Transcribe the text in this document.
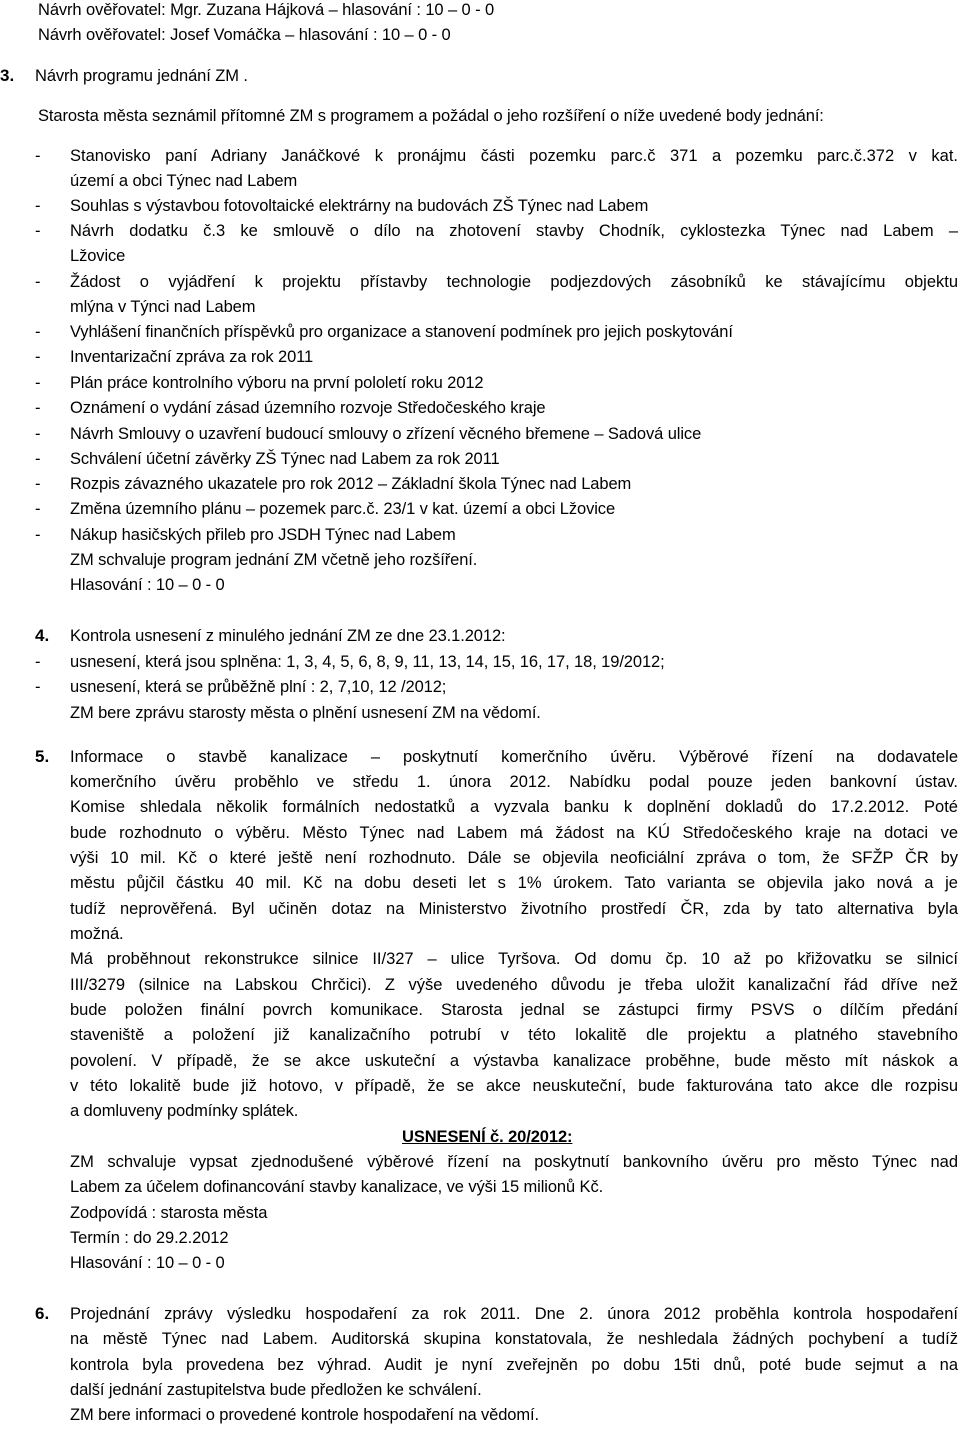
Návrh ověřovatel: Mgr. Zuzana Hájková – hlasování : 10 – 0 - 0
Návrh ověřovatel: Josef Vomáčka – hlasování : 10 – 0 - 0
3. Návrh programu jednání ZM .
Starosta města seznámil přítomné ZM s programem a požádal o jeho rozšíření o níže uvedené body jednání:
- Stanovisko paní Adriany Janáčkové k pronájmu části pozemku parc.č 371 a pozemku parc.č.372 v kat.
území a obci Týnec nad Labem
- Souhlas s výstavbou fotovoltaické elektrárny na budovách ZŠ Týnec nad Labem
- Návrh dodatku č.3 ke smlouvě o dílo na zhotovení stavby Chodník, cyklostezka Týnec nad Labem –
Lžovice
- Žádost o vyjádření k projektu přístavby technologie podjezdových zásobníků ke stávajícímu objektu
mlýna v Týnci nad Labem
- Vyhlášení finančních příspěvků pro organizace a stanovení podmínek pro jejich poskytování
- Inventarizační zpráva za rok 2011
- Plán práce kontrolního výboru na první pololetí roku 2012
- Oznámení o vydání zásad územního rozvoje Středočeského kraje
- Návrh Smlouvy o uzavření budoucí smlouvy o zřízení věcného břemene – Sadová ulice
- Schválení účetní závěrky ZŠ Týnec nad Labem za rok 2011
- Rozpis závazného ukazatele pro rok 2012 – Základní škola Týnec nad Labem
- Změna územního plánu – pozemek parc.č. 23/1 v kat. území a obci Lžovice
- Nákup hasičských přileb pro JSDH Týnec nad Labem
ZM schvaluje program jednání ZM včetně jeho rozšíření.
Hlasování : 10 – 0 - 0
4. Kontrola usnesení z minulého jednání ZM ze dne 23.1.2012:
- usnesení, která jsou splněna: 1, 3, 4, 5, 6, 8, 9, 11, 13, 14, 15, 16, 17, 18, 19/2012;
- usnesení, která se průběžně plní : 2, 7,10, 12 /2012;
ZM bere zprávu starosty města o plnění usnesení ZM na vědomí.
5. Informace o stavbě kanalizace – poskytnutí komerčního úvěru. Výběrové řízení na dodavatele
komerčního úvěru proběhlo ve středu 1. února 2012. Nabídku podal pouze jeden bankovní ústav.
Komise shledala několik formálních nedostatků a vyzvala banku k doplnění dokladů do 17.2.2012. Poté
bude rozhodnuto o výběru. Město Týnec nad Labem má žádost na KÚ Středočeského kraje na dotaci ve
výši 10 mil. Kč o které ještě není rozhodnuto. Dále se objevila neoficiální zpráva o tom, že SFŽP ČR by
městu půjčil částku 40 mil. Kč na dobu deseti let s 1% úrokem. Tato varianta se objevila jako nová a je
tudíž neprověřená. Byl učiněn dotaz na Ministerstvo životního prostředí ČR, zda by tato alternativa byla
možná.
Má proběhnout rekonstrukce silnice II/327 – ulice Tyršova. Od domu čp. 10 až po křižovatku se silnicí
III/3279 (silnice na Labskou Chrčici). Z výše uvedeného důvodu je třeba uložit kanalizační řád dříve než
bude položen finální povrch komunikace. Starosta jednal se zástupci firmy PSVS o dílčím předání
staveniště a položení již kanalizačního potrubí v této lokalitě dle projektu a platného stavebního
povolení. V případě, že se akce uskuteční a výstavba kanalizace proběhne, bude město mít náskok a
v této lokalitě bude již hotovo, v případě, že se akce neuskuteční, bude fakturována tato akce dle rozpisu
a domluveny podmínky splátek.
USNESENÍ č. 20/2012:
ZM schvaluje vypsat zjednodušené výběrové řízení na poskytnutí bankovního úvěru pro město Týnec nad
Labem za účelem dofinancování stavby kanalizace, ve výši 15 milionů Kč.
Zodpovídá : starosta města
Termín : do 29.2.2012
Hlasování : 10 – 0 - 0
6. Projednání zprávy výsledku hospodaření za rok 2011. Dne 2. února 2012 proběhla kontrola hospodaření
na městě Týnec nad Labem. Auditorská skupina konstatovala, že neshledala žádných pochybení a tudíž
kontrola byla provedena bez výhrad. Audit je nyní zveřejněn po dobu 15ti dnů, poté bude sejmut a na
další jednání zastupitelstva bude předložen ke schválení.
ZM bere informaci o provedené kontrole hospodaření na vědomí.
